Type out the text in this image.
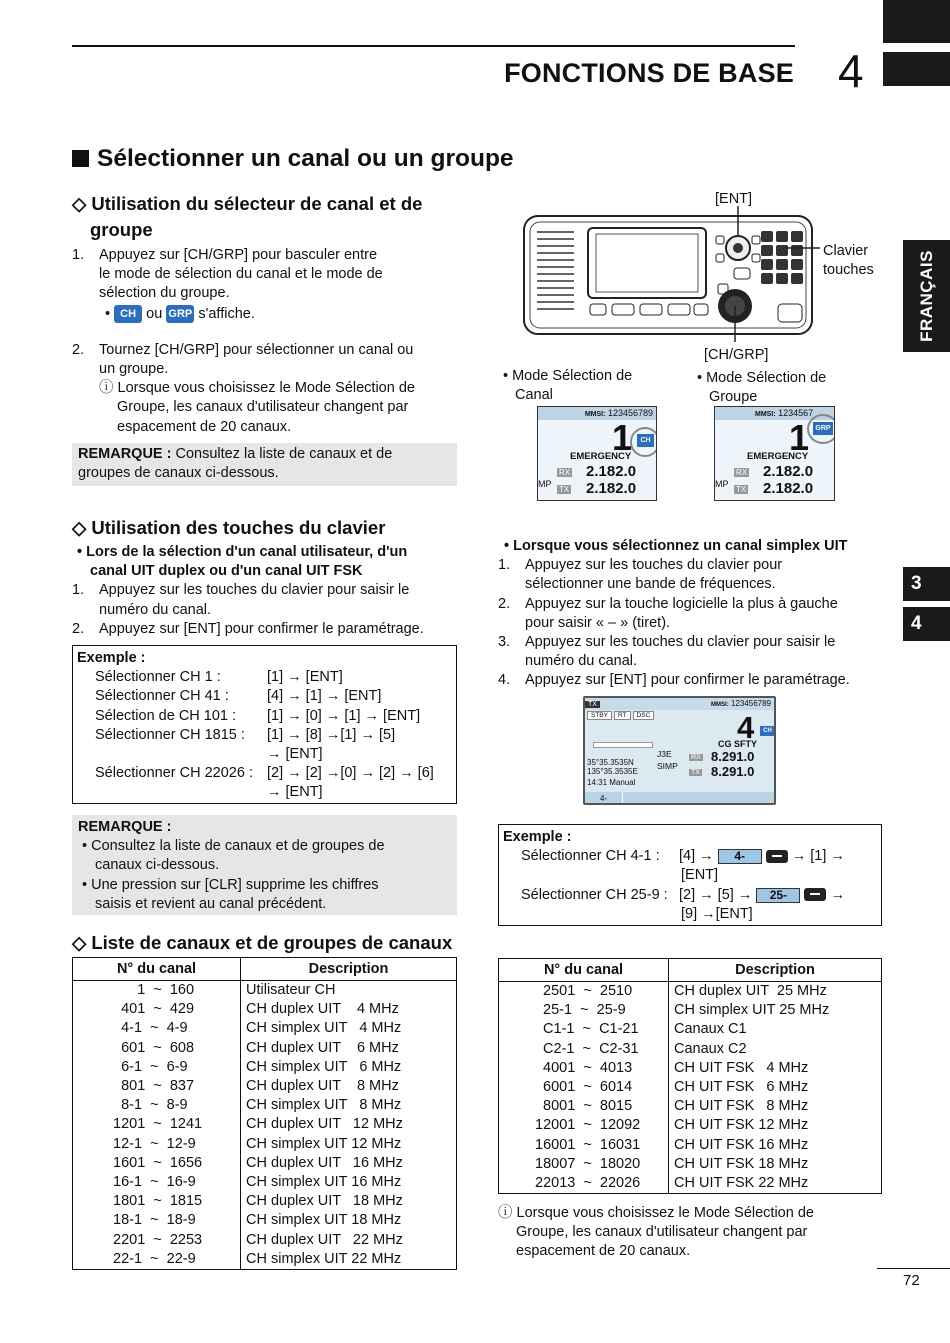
FONCTIONS DE BASE 4
FRANÇAIS
3
4
Sélectionner un canal ou un groupe
◇ Utilisation du sélecteur de canal et de
groupe
1.	Appuyez sur [CH/GRP] pour basculer entre
le mode de sélection du canal et le mode de
sélection du groupe.
• CH ou GRP s'affiche.
2.	Tournez [CH/GRP] pour sélectionner un canal ou
un groupe.
ⓘ Lorsque vous choisissez le Mode Sélection de
Groupe, les canaux d'utilisateur changent par
espacement de 20 canaux.
REMARQUE : Consultez la liste de canaux et de
groupes de canaux ci-dessous.
[ENT]
Clavier
touches
[CH/GRP]
• Mode Sélection de
Canal
• Mode Sélection de
Groupe
MMSI: 123456789
1
EMERGENCY
RX 2.182.0
MP
TX 2.182.0
CH
MMSI: 1234567
1
EMERGENCY
RX 2.182.0
MP
TX 2.182.0
GRP
◇ Utilisation des touches du clavier
• Lors de la sélection d'un canal utilisateur, d'un
canal UIT duplex ou d'un canal UIT FSK
1.	Appuyez sur les touches du clavier pour saisir le
numéro du canal.
2.	Appuyez sur [ENT] pour confirmer le paramétrage.
Exemple :
Sélectionner CH 1 :	[1] → [ENT]
Sélectionner CH 41 :	[4] → [1] → [ENT]
Sélection de CH 101 :	[1] → [0] → [1] → [ENT]
Sélectionner CH 1815 :	[1] → [8] →[1] → [5]
→ [ENT]
Sélectionner CH 22026 : [2] → [2] →[0] → [2] → [6]
→ [ENT]
REMARQUE :
• Consultez la liste de canaux et de groupes de
canaux ci-dessous.
• Une pression sur [CLR] supprime les chiffres
saisis et revient au canal précédent.
• Lorsque vous sélectionnez un canal simplex UIT
1.	Appuyez sur les touches du clavier pour
sélectionner une bande de fréquences.
2.	Appuyez sur la touche logicielle la plus à gauche
pour saisir « – » (tiret).
3.	Appuyez sur les touches du clavier pour saisir le
numéro du canal.
4.	Appuyez sur [ENT] pour confirmer le paramétrage.
TX	MMSI: 123456789
STBY	RT	DSC	4	CH
CG SFTY
J3E
SIMP
RX
TX
8.291.0
8.291.0
35°35.3535N
135°35.3535E
14:31 Manual
4-
Exemple :
Sélectionner CH 4-1 :	[4] → 4-	→ [1] →
[ENT]
Sélectionner CH 25-9 : [2] → [5] → 25-	→
[9] →[ENT]
◇ Liste de canaux et de groupes de canaux
N° du canal	Description
1  ~  160	Utilisateur CH
401  ~  429	CH duplex UIT    4 MHz
4-1  ~  4-9	CH simplex UIT   4 MHz
601  ~  608	CH duplex UIT    6 MHz
6-1  ~  6-9	CH simplex UIT   6 MHz
801  ~  837	CH duplex UIT    8 MHz
8-1  ~  8-9	CH simplex UIT   8 MHz
1201  ~  1241	CH duplex UIT   12 MHz
12-1  ~  12-9	CH simplex UIT 12 MHz
1601  ~  1656	CH duplex UIT   16 MHz
16-1  ~  16-9	CH simplex UIT 16 MHz
1801  ~  1815	CH duplex UIT   18 MHz
18-1  ~  18-9	CH simplex UIT 18 MHz
2201  ~  2253	CH duplex UIT   22 MHz
22-1  ~  22-9	CH simplex UIT 22 MHz
N° du canal	Description
2501  ~  2510	CH duplex UIT  25 MHz
25-1  ~  25-9	CH simplex UIT 25 MHz
C1-1  ~  C1-21	Canaux C1
C2-1  ~  C2-31	Canaux C2
4001  ~  4013	CH UIT FSK   4 MHz
6001  ~  6014	CH UIT FSK   6 MHz
8001  ~  8015	CH UIT FSK   8 MHz
12001  ~  12092	CH UIT FSK 12 MHz
16001  ~  16031	CH UIT FSK 16 MHz
18007  ~  18020	CH UIT FSK 18 MHz
22013  ~  22026	CH UIT FSK 22 MHz
ⓘ Lorsque vous choisissez le Mode Sélection de
Groupe, les canaux d'utilisateur changent par
espacement de 20 canaux.
72
